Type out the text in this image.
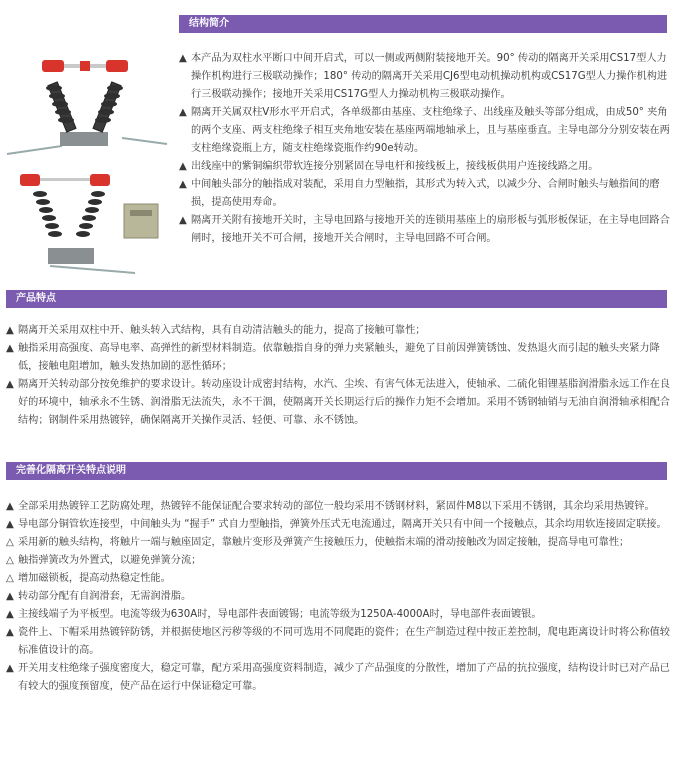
结构简介

▲ 本产品为双柱水平断口中间开启式，可以一侧或两侧附装接地开关。90° 传动的隔离开关采用CS17型人力操作机构进行三极联动操作；180° 传动的隔离开关采用CJ6型电动机操动机构或CS17G型人力操作机构进行三极联动操作；接地开关采用CS17G型人力操动机构三极联动操作。

▲ 隔离开关属双柱V形水平开启式，各单级都由基座、支柱绝缘子、出线座及触头等部分组成，由成50° 夹角的两个支座、两支柱绝缘子相互夹角地安装在基座两端地轴承上，且与基座垂直。主导电部分分别安装在两支柱绝缘瓷瓶上方，随支柱绝缘瓷瓶作约90e转动。

▲ 出线座中的紫铜编织带软连接分别紧固在导电杆和接线板上，接线板供用户连接线路之用。

▲ 中间触头部分的触指成对装配，采用自力型触指，其形式为转入式，以减少分、合闸时触头与触指间的磨损，提高使用寿命。

▲ 隔离开关附有接地开关时，主导电回路与接地开关的连锁用基座上的扇形板与弧形板保证，在主导电回路合闸时，接地开关不可合闸，接地开关合闸时，主导电回路不可合闸。

产品特点

▲ 隔离开关采用双柱中开、触头转入式结构，具有自动清洁触头的能力，提高了接触可靠性；

▲ 触指采用高强度、高导电率、高弹性的新型材料制造。依靠触指自身的弹力夹紧触头，避免了目前因弹簧锈蚀、发热退火而引起的触头夹紧力降低，接触电阻增加，触头发热加剧的恶性循环；

▲ 隔离开关转动部分按免维护的要求设计。转动座设计成密封结构，水汽、尘埃、有害气体无法进入，使轴承、二硫化钼锂基脂润滑脂永远工作在良好的环境中，轴承永不生锈、润滑脂无法流失，永不干涸，使隔离开关长期运行后的操作力矩不会增加。采用不锈钢轴销与无油自润滑轴承相配合结构；钢制件采用热镀锌，确保隔离开关操作灵活、轻便、可靠、永不锈蚀。

完善化隔离开关特点说明

▲ 全部采用热镀锌工艺防腐处理，热镀锌不能保证配合要求转动的部位一般均采用不锈钢材料，紧固件M8以下采用不锈钢，其余均采用热镀锌。

▲ 导电部分铜管软连接型，中间触头为 “握手” 式自力型触指，弹簧外压式无电流通过，隔离开关只有中间一个接触点，其余均用软连接固定联接。

△ 采用新的触头结构，将触片一端与触座固定，靠触片变形及弹簧产生接触压力，使触指末端的滑动接触改为固定接触，提高导电可靠性；

△ 触指弹簧改为外置式，以避免弹簧分流；

△ 增加磁锁板，提高动热稳定性能。

▲ 转动部分配有自润滑套，无需润滑脂。

▲ 主接线端子为平板型。电流等级为630A时，导电部件表面镀锡；电流等级为1250A-4000A时，导电部件表面镀银。

▲ 瓷件上、下帽采用热镀锌防锈，并根据使地区污秽等级的不同可选用不同爬距的瓷件；在生产制造过程中按正差控制，爬电距离设计时将公称值较标准值设计的高。

▲ 开关用支柱绝缘子强度密度大，稳定可靠，配方采用高强度资料制造，减少了产品强度的分散性，增加了产品的抗拉强度，结构设计时已对产品已有较大的强度预留度，使产品在运行中保证稳定可靠。
